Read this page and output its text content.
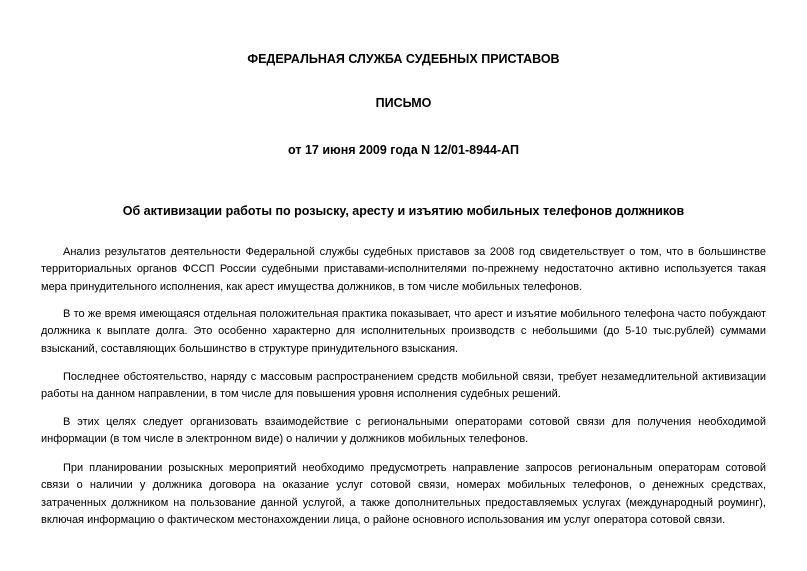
ФЕДЕРАЛЬНАЯ СЛУЖБА СУДЕБНЫХ ПРИСТАВОВ
ПИСЬМО
от 17 июня 2009 года N 12/01-8944-АП
Об активизации работы по розыску, аресту и изъятию мобильных телефонов должников

Анализ результатов деятельности Федеральной службы судебных приставов за 2008 год свидетельствует о том, что в большинстве территориальных органов ФССП России судебными приставами-исполнителями по-прежнему недостаточно активно используется такая мера принудительного исполнения, как арест имущества должников, в том числе мобильных телефонов.

В то же время имеющаяся отдельная положительная практика показывает, что арест и изъятие мобильного телефона часто побуждают должника к выплате долга. Это особенно характерно для исполнительных производств с небольшими (до 5-10 тыс.рублей) суммами взысканий, составляющих большинство в структуре принудительного взыскания.

Последнее обстоятельство, наряду с массовым распространением средств мобильной связи, требует незамедлительной активизации работы на данном направлении, в том числе для повышения уровня исполнения судебных решений.

В этих целях следует организовать взаимодействие с региональными операторами сотовой связи для получения необходимой информации (в том числе в электронном виде) о наличии у должников мобильных телефонов.

При планировании розыскных мероприятий необходимо предусмотреть направление запросов региональным операторам сотовой связи о наличии у должника договора на оказание услуг сотовой связи, номерах мобильных телефонов, о денежных средствах, затраченных должником на пользование данной услугой, а также дополнительных предоставляемых услугах (международный роуминг), включая информацию о фактическом местонахождении лица, о районе основного использования им услуг оператора сотовой связи.
